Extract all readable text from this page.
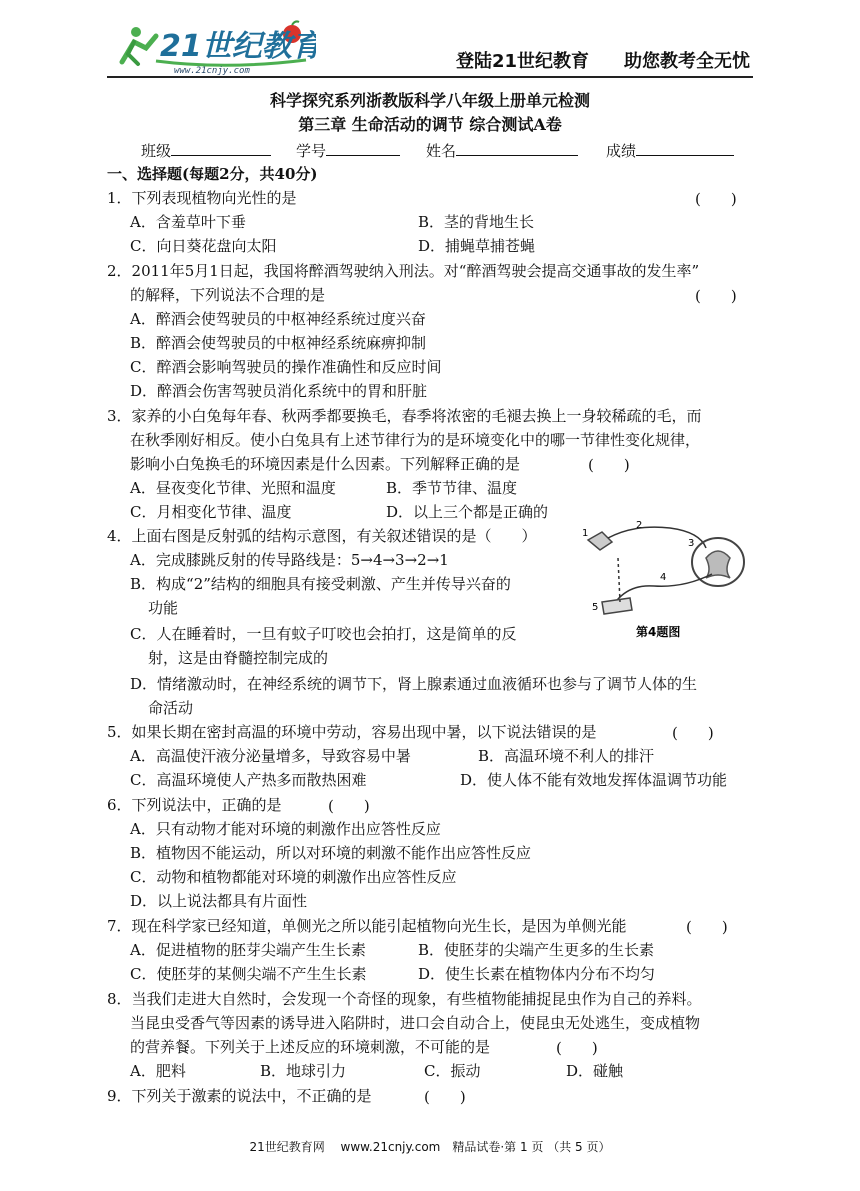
21世纪教育
www.21cnjy.com	登陆21世纪教育 助您教考全无忧
科学探究系列浙教版科学八年级上册单元检测
第三章 生命活动的调节 综合测试A卷
班级	学号	姓名	成绩
一、选择题(每题2分，共40分)
1．下列表现植物向光性的是	(　　)
A．含羞草叶下垂	B．茎的背地生长
C．向日葵花盘向太阳	D．捕蝇草捕苍蝇
2．2011年5月1日起，我国将醉酒驾驶纳入刑法。对“醉酒驾驶会提高交通事故的发生率”
的解释，下列说法不合理的是	(　　)
A．醉酒会使驾驶员的中枢神经系统过度兴奋
B．醉酒会使驾驶员的中枢神经系统麻痹抑制
C．醉酒会影响驾驶员的操作准确性和反应时间
D．醉酒会伤害驾驶员消化系统中的胃和肝脏
3．家养的小白兔每年春、秋两季都要换毛，春季将浓密的毛褪去换上一身较稀疏的毛，而
在秋季刚好相反。使小白兔具有上述节律行为的是环境变化中的哪一节律性变化规律，
影响小白兔换毛的环境因素是什么因素。下列解释正确的是	(　　)
A．昼夜变化节律、光照和温度	B．季节节律、温度
C．月相变化节律、温度	D．以上三个都是正确的
4．上面右图是反射弧的结构示意图，有关叙述错误的是（　　）
A．完成膝跳反射的传导路线是：5→4→3→2→1
B．构成“2”结构的细胞具有接受刺激、产生并传导兴奋的
功能
C．人在睡着时，一旦有蚊子叮咬也会拍打，这是简单的反
射，这是由脊髓控制完成的
D．情绪激动时，在神经系统的调节下，肾上腺素通过血液循环也参与了调节人体的生
命活动
1
2
3
4
5
第4题图
5．如果长期在密封高温的环境中劳动，容易出现中暑，以下说法错误的是	(　　)
A．高温使汗液分泌量增多，导致容易中暑	B．高温环境不利人的排汗
C．高温环境使人产热多而散热困难	D．使人体不能有效地发挥体温调节功能
6．下列说法中，正确的是	(　　)
A．只有动物才能对环境的刺激作出应答性反应
B．植物因不能运动，所以对环境的刺激不能作出应答性反应
C．动物和植物都能对环境的刺激作出应答性反应
D．以上说法都具有片面性
7．现在科学家已经知道，单侧光之所以能引起植物向光生长，是因为单侧光能	(　　)
A．促进植物的胚芽尖端产生生长素	B．使胚芽的尖端产生更多的生长素
C．使胚芽的某侧尖端不产生生长素	D．使生长素在植物体内分布不均匀
8．当我们走进大自然时，会发现一个奇怪的现象，有些植物能捕捉昆虫作为自己的养料。
当昆虫受香气等因素的诱导进入陷阱时，进口会自动合上，使昆虫无处逃生，变成植物
的营养餐。下列关于上述反应的环境刺激，不可能的是	(　　)
A．肥料	B．地球引力	C．振动	D．碰触
9．下列关于激素的说法中，不正确的是	(　　)
21世纪教育网　 www.21cnjy.com　精品试卷·第 1 页 （共 5 页）
